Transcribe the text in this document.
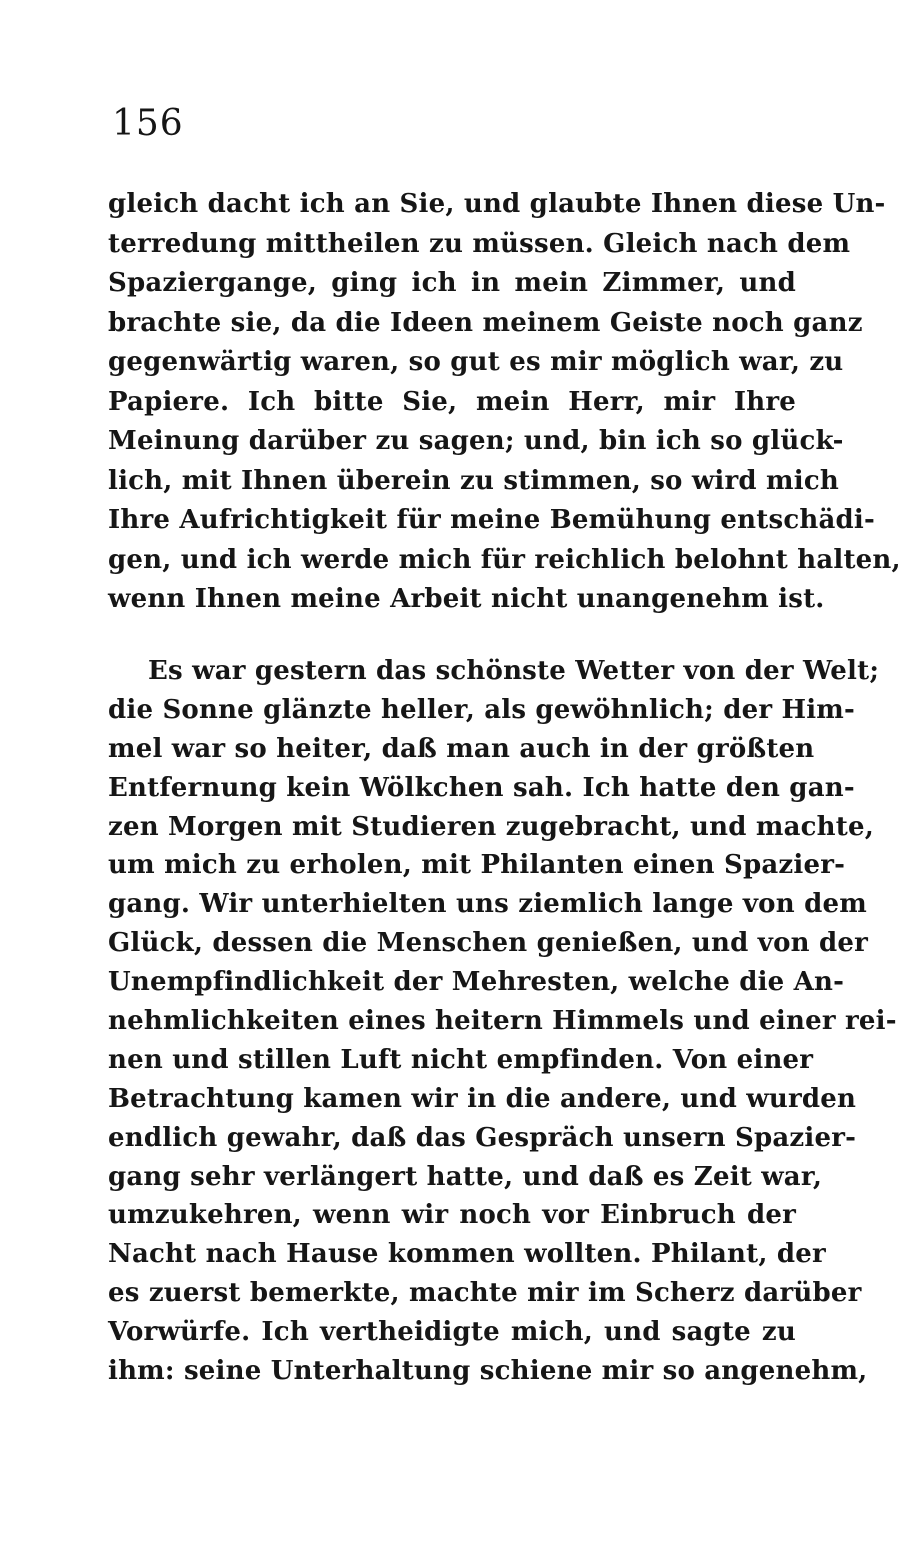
156
gleich dacht ich an Sie, und glaubte Ihnen diese Un-
terredung mittheilen zu müssen. Gleich nach dem
Spaziergange, ging ich in mein Zimmer, und
brachte sie, da die Ideen meinem Geiste noch ganz
gegenwärtig waren, so gut es mir möglich war, zu
Papiere. Ich bitte Sie, mein Herr, mir Ihre
Meinung darüber zu sagen; und, bin ich so glück-
lich, mit Ihnen überein zu stimmen, so wird mich
Ihre Aufrichtigkeit für meine Bemühung entschädi-
gen, und ich werde mich für reichlich belohnt halten,
wenn Ihnen meine Arbeit nicht unangenehm ist.
Es war gestern das schönste Wetter von der Welt;
die Sonne glänzte heller, als gewöhnlich; der Him-
mel war so heiter, daß man auch in der größten
Entfernung kein Wölkchen sah. Ich hatte den gan-
zen Morgen mit Studieren zugebracht, und machte,
um mich zu erholen, mit Philanten einen Spazier-
gang. Wir unterhielten uns ziemlich lange von dem
Glück, dessen die Menschen genießen, und von der
Unempfindlichkeit der Mehresten, welche die An-
nehmlichkeiten eines heitern Himmels und einer rei-
nen und stillen Luft nicht empfinden. Von einer
Betrachtung kamen wir in die andere, und wurden
endlich gewahr, daß das Gespräch unsern Spazier-
gang sehr verlängert hatte, und daß es Zeit war,
umzukehren, wenn wir noch vor Einbruch der
Nacht nach Hause kommen wollten. Philant, der
es zuerst bemerkte, machte mir im Scherz darüber
Vorwürfe. Ich vertheidigte mich, und sagte zu
ihm: seine Unterhaltung schiene mir so angenehm,
